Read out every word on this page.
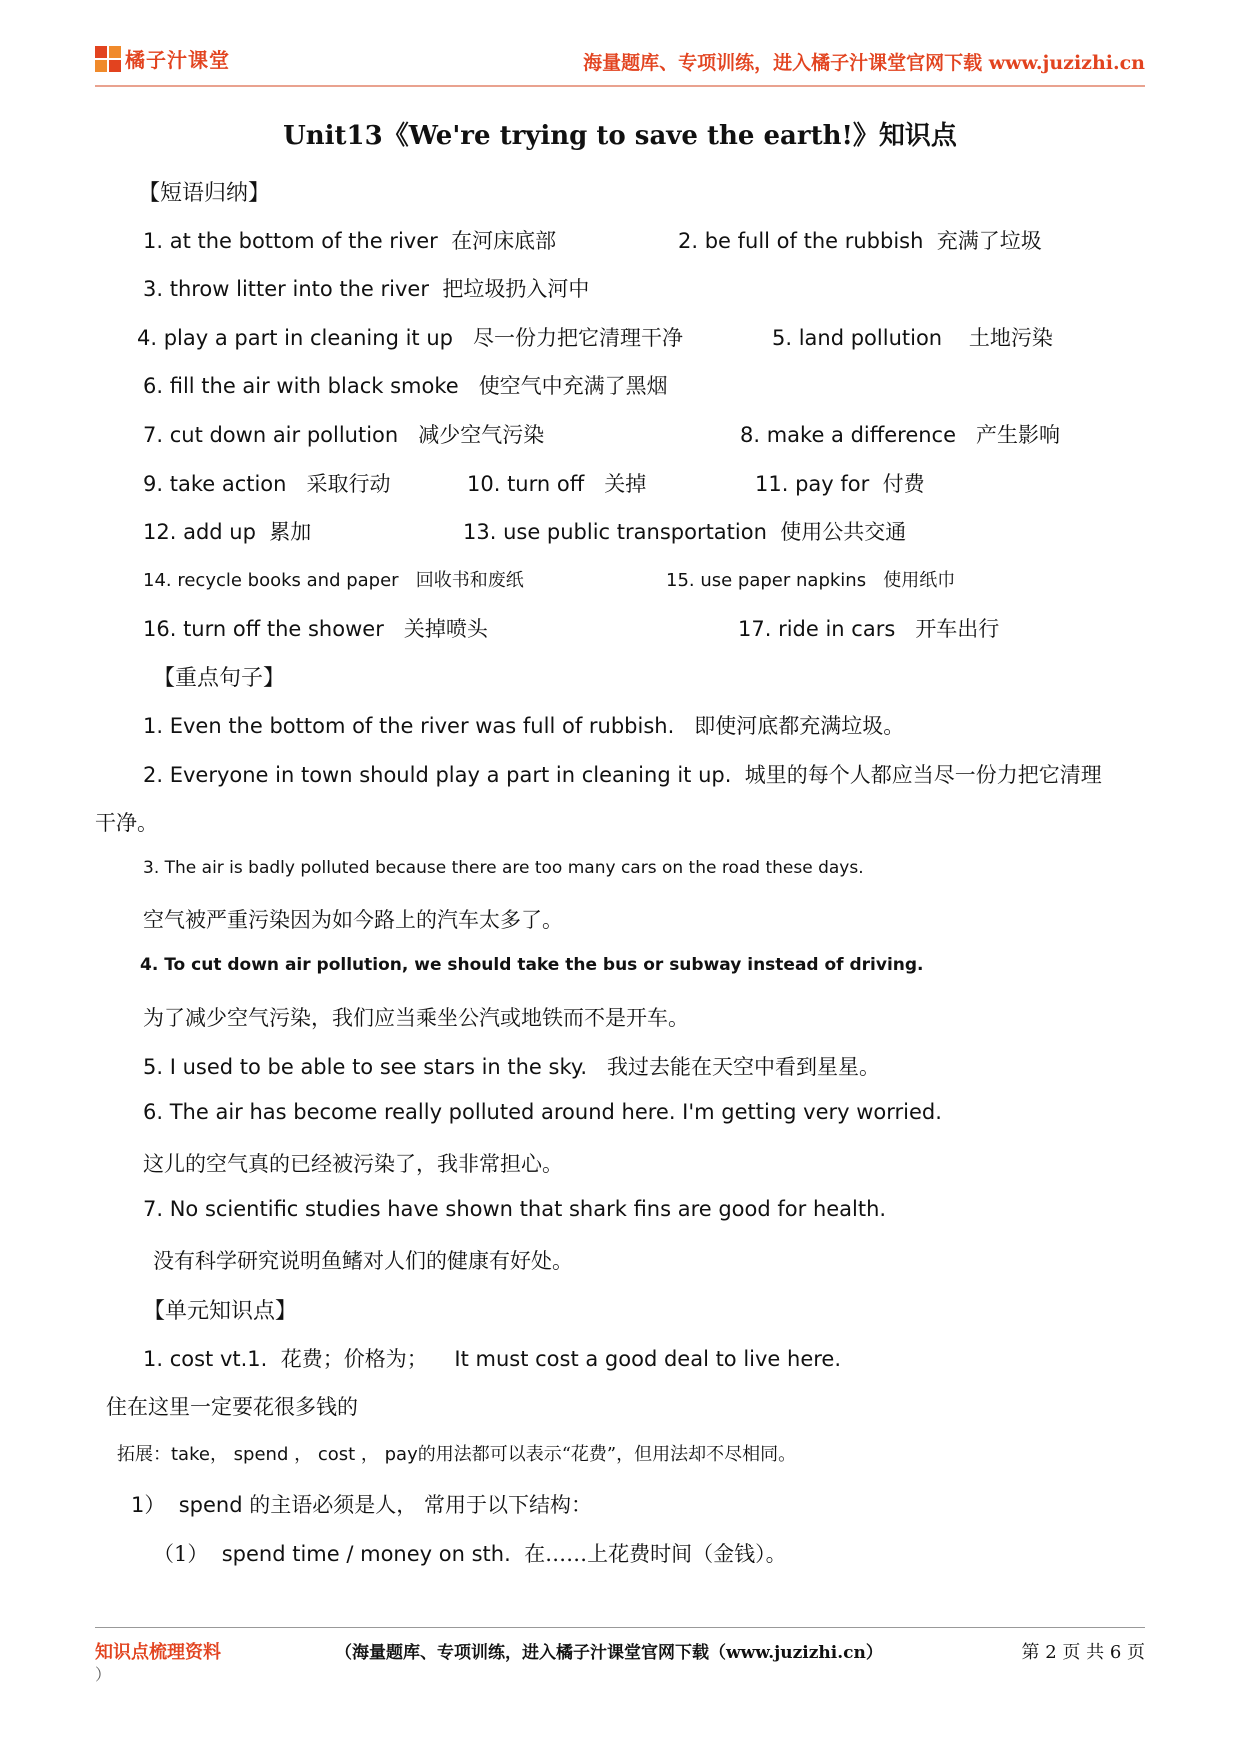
橘子汁课堂	海量题库、专项训练，进入橘子汁课堂官网下载 www.juzizhi.cn
Unit13《We're trying to save the earth!》知识点
【短语归纳】
1. at the bottom of the river 在河床底部	2. be full of the rubbish 充满了垃圾
3. throw litter into the river 把垃圾扔入河中
4. play a part in cleaning it up 尽一份力把它清理干净	5. land pollution 土地污染
6. fill the air with black smoke 使空气中充满了黑烟
7. cut down air pollution 减少空气污染	8. make a difference 产生影响
9. take action 采取行动	10. turn off 关掉	11. pay for 付费
12. add up 累加	13. use public transportation 使用公共交通
14. recycle books and paper 回收书和废纸	15. use paper napkins 使用纸巾
16. turn off the shower 关掉喷头	17. ride in cars 开车出行
【重点句子】
1. Even the bottom of the river was full of rubbish. 即使河底都充满垃圾。
2. Everyone in town should play a part in cleaning it up. 城里的每个人都应当尽一份力把它清理
干净。
3. The air is badly polluted because there are too many cars on the road these days.
空气被严重污染因为如今路上的汽车太多了。
4. To cut down air pollution, we should take the bus or subway instead of driving.
为了减少空气污染，我们应当乘坐公汽或地铁而不是开车。
5. I used to be able to see stars in the sky. 我过去能在天空中看到星星。
6. The air has become really polluted around here. I'm getting very worried.
这儿的空气真的已经被污染了，我非常担心。
7. No scientific studies have shown that shark fins are good for health.
没有科学研究说明鱼鳍对人们的健康有好处。
【单元知识点】
1. cost vt.1. 花费；价格为； It must cost a good deal to live here.
住在这里一定要花很多钱的
拓展：take， spend ， cost ， pay的用法都可以表示“花费”，但用法却不尽相同。
1） spend 的主语必须是人， 常用于以下结构：
（1） spend time / money on sth. 在……上花费时间（金钱）。
知识点梳理资料	（海量题库、专项训练，进入橘子汁课堂官网下载（www.juzizhi.cn）	第 2 页 共 6 页
）
